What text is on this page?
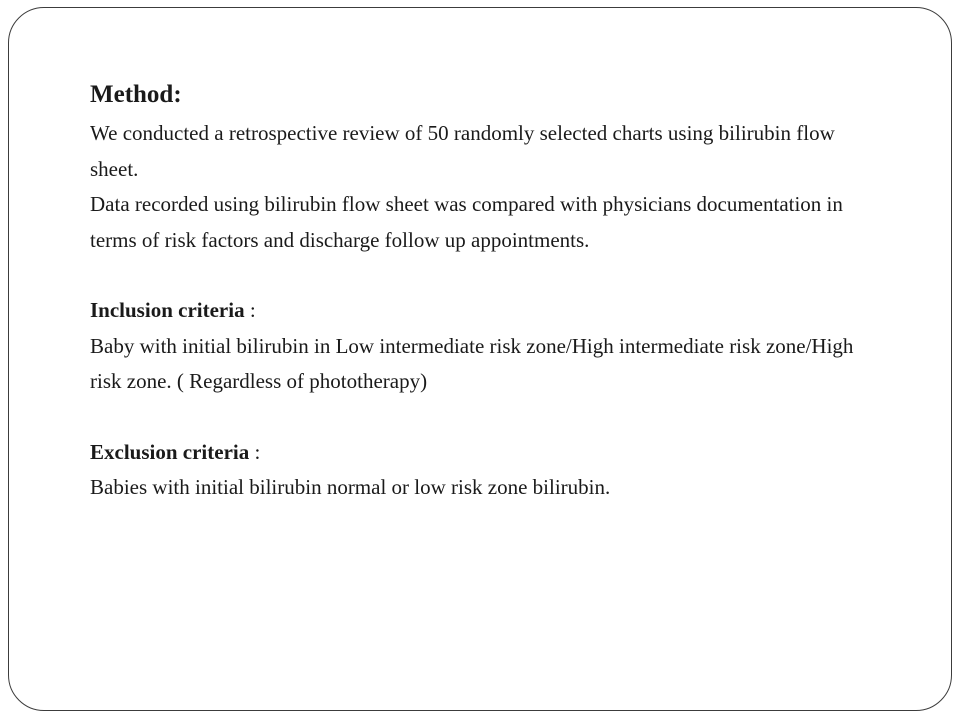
Method:

We conducted a retrospective review of 50 randomly selected charts using bilirubin flow sheet.

Data recorded using bilirubin flow sheet was compared with physicians documentation in terms of risk factors and discharge follow up appointments.

Inclusion criteria :

Baby with initial bilirubin in Low intermediate risk zone/High intermediate risk zone/High risk zone. ( Regardless of phototherapy)

Exclusion criteria :

Babies with initial bilirubin normal or low risk zone bilirubin.
